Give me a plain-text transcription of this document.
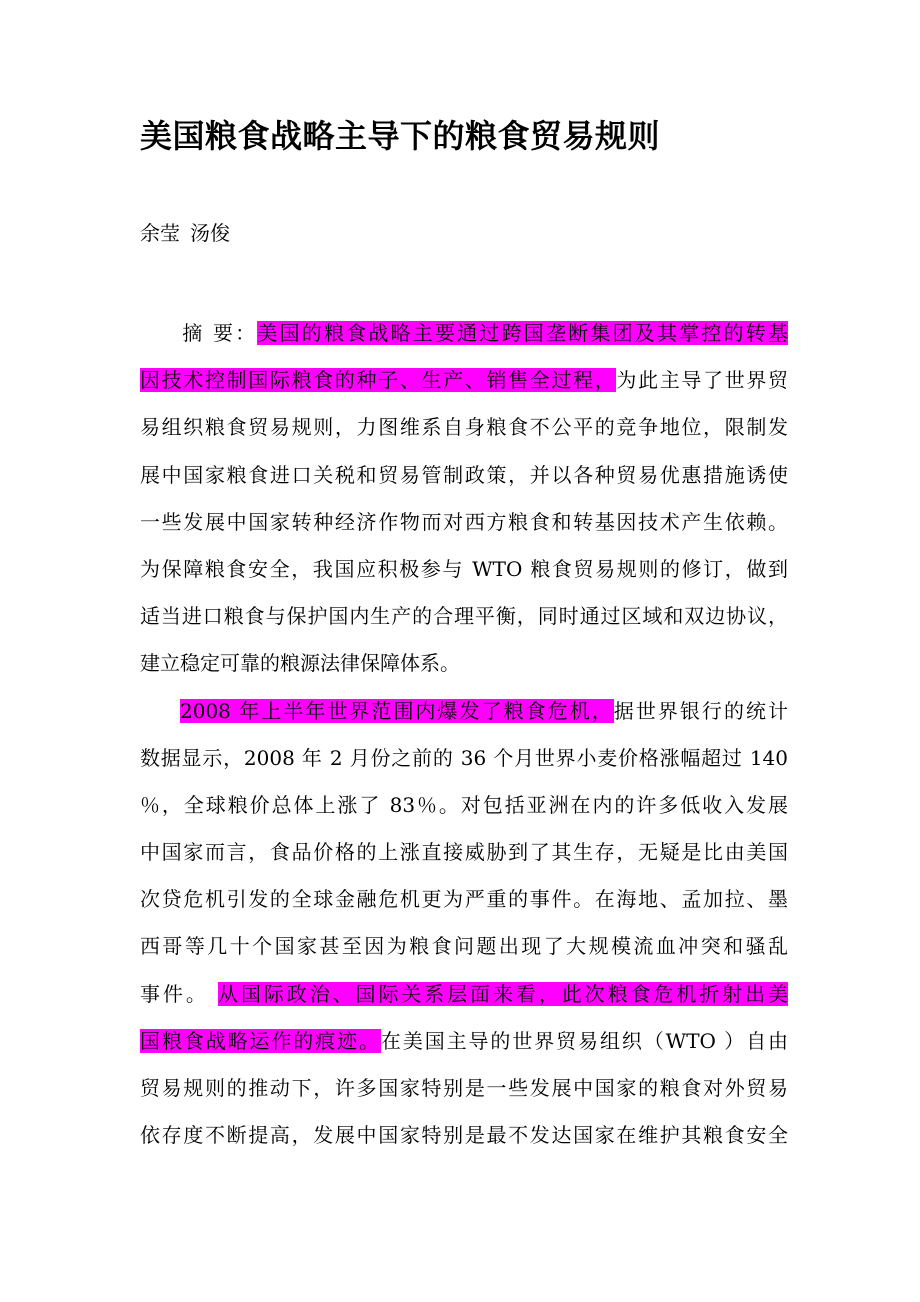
美国粮食战略主导下的粮食贸易规则
余莹 汤俊
摘 要：美国的粮食战略主要通过跨国垄断集团及其掌控的转基
因技术控制国际粮食的种子、生产、销售全过程，为此主导了世界贸
易组织粮食贸易规则，力图维系自身粮食不公平的竞争地位，限制发
展中国家粮食进口关税和贸易管制政策，并以各种贸易优惠措施诱使
一些发展中国家转种经济作物而对西方粮食和转基因技术产生依赖。
为保障粮食安全，我国应积极参与 WTO 粮食贸易规则的修订，做到
适当进口粮食与保护国内生产的合理平衡，同时通过区域和双边协议，
建立稳定可靠的粮源法律保障体系。
2008 年上半年世界范围内爆发了粮食危机，据世界银行的统计
数据显示，2008 年 2 月份之前的 36 个月世界小麦价格涨幅超过 140
％，全球粮价总体上涨了 83％。对包括亚洲在内的许多低收入发展
中国家而言，食品价格的上涨直接威胁到了其生存，无疑是比由美国
次贷危机引发的全球金融危机更为严重的事件。在海地、孟加拉、墨
西哥等几十个国家甚至因为粮食问题出现了大规模流血冲突和骚乱
事件。 从国际政治、国际关系层面来看，此次粮食危机折射出美
国粮食战略运作的痕迹。在美国主导的世界贸易组织（WTO ）自由
贸易规则的推动下，许多国家特别是一些发展中国家的粮食对外贸易
依存度不断提高，发展中国家特别是最不发达国家在维护其粮食安全
